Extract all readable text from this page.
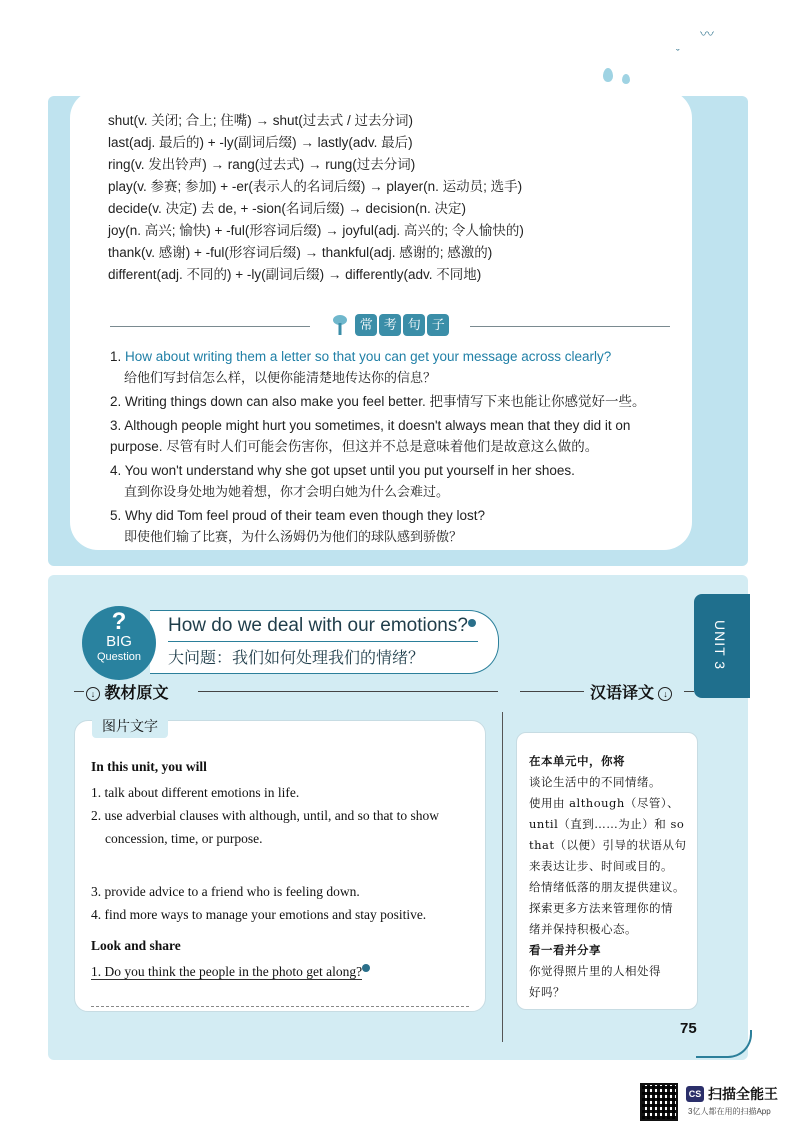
〰
ˇ
shut(v. 关闭; 合上; 住嘴) → shut(过去式 / 过去分词)
last(adj. 最后的) + -ly(副词后缀) → lastly(adv. 最后)
ring(v. 发出铃声) → rang(过去式) → rung(过去分词)
play(v. 参赛; 参加) + -er(表示人的名词后缀) → player(n. 运动员; 选手)
decide(v. 决定) 去 de, + -sion(名词后缀) → decision(n. 决定)
joy(n. 高兴; 愉快) + -ful(形容词后缀) → joyful(adj. 高兴的; 令人愉快的)
thank(v. 感谢) + -ful(形容词后缀) → thankful(adj. 感谢的; 感激的)
different(adj. 不同的) + -ly(副词后缀) → differently(adv. 不同地)
常 考 句 子
1. How about writing them a letter so that you can get your message across clearly?
给他们写封信怎么样，以便你能清楚地传达你的信息？
2. Writing things down can also make you feel better. 把事情写下来也能让你感觉好一些。
3. Although people might hurt you sometimes, it doesn't always mean that they did it on purpose. 尽管有时人们可能会伤害你，但这并不总是意味着他们是故意这么做的。
4. You won't understand why she got upset until you put yourself in her shoes.
直到你设身处地为她着想，你才会明白她为什么会难过。
5. Why did Tom feel proud of their team even though they lost?
即使他们输了比赛，为什么汤姆仍为他们的球队感到骄傲？
How do we deal with our emotions?
大问题：我们如何处理我们的情绪？
?
BIG
Question	UNIT 3
↓ 教材原文	汉语译文 ↓
In this unit, you will
1. talk about different emotions in life.
2. use adverbial clauses with although, until, and so that to show
concession, time, or purpose.
3. provide advice to a friend who is feeling down.
4. find more ways to manage your emotions and stay positive.
Look and share
1. Do you think the people in the photo get along?
图片文字
在本单元中，你将
谈论生活中的不同情绪。
使用由 although（尽管）、
until（直到……为止）和 so
that（以便）引导的状语从句
来表达让步、时间或目的。
给情绪低落的朋友提供建议。
探索更多方法来管理你的情
绪并保持积极心态。
看一看并分享
你觉得照片里的人相处得
好吗？
75
CS 扫描全能王
3亿人都在用的扫描App
